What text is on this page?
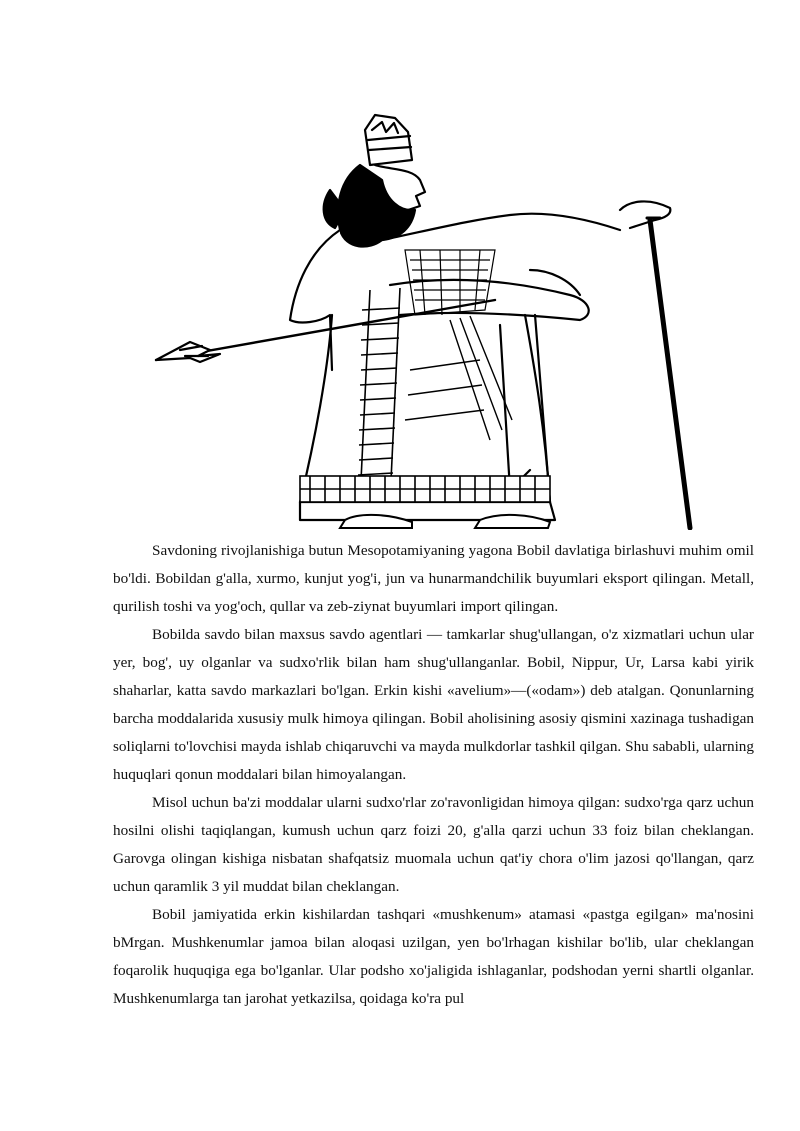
Savdoning rivojlanishiga butun Mesopotamiyaning yagona Bobil davlatiga birlashuvi muhim omil bo'ldi. Bobildan g'alla, xurmo, kunjut yog'i, jun va hunarmandchilik buyumlari eksport qilingan. Metall, qurilish toshi va yog'och, qullar va zeb-ziynat buyumlari import qilingan.

Bobilda savdo bilan maxsus savdo agentlari — tamkarlar shug'ullangan, o'z xizmatlari uchun ular yer, bog', uy olganlar va sudxo'rlik bilan ham shug'ullanganlar. Bobil, Nippur, Ur, Larsa kabi yirik shaharlar, katta savdo markazlari bo'lgan. Erkin kishi «avelium»—(«odam») deb atalgan. Qonunlarning barcha moddalarida xususiy mulk himoya qilingan. Bobil aholisining asosiy qismini xazinaga tushadigan soliqlarni to'lovchisi mayda ishlab chiqaruvchi va mayda mulkdorlar tashkil qilgan. Shu sababli, ularning huquqlari qonun moddalari bilan himoyalangan.

Misol uchun ba'zi moddalar ularni sudxo'rlar zo'ravonligidan himoya qilgan: sudxo'rga qarz uchun hosilni olishi taqiqlangan, kumush uchun qarz foizi 20, g'alla qarzi uchun 33 foiz bilan cheklangan. Garovga olingan kishiga nisbatan shafqatsiz muomala uchun qat'iy chora o'lim jazosi qo'llangan, qarz uchun qaramlik 3 yil muddat bilan cheklangan.

Bobil jamiyatida erkin kishilardan tashqari «mushkenum» atamasi «pastga egilgan» ma'nosini bMrgan. Mushkenumlar jamoa bilan aloqasi uzilgan, yen bo'lrhagan kishilar bo'lib, ular cheklangan foqarolik huquqiga ega bo'lganlar. Ular podsho xo'jaligida ishlaganlar, podshodan yerni shartli olganlar. Mushkenumlarga tan jarohat yetkazilsa, qoidaga ko'ra pul
